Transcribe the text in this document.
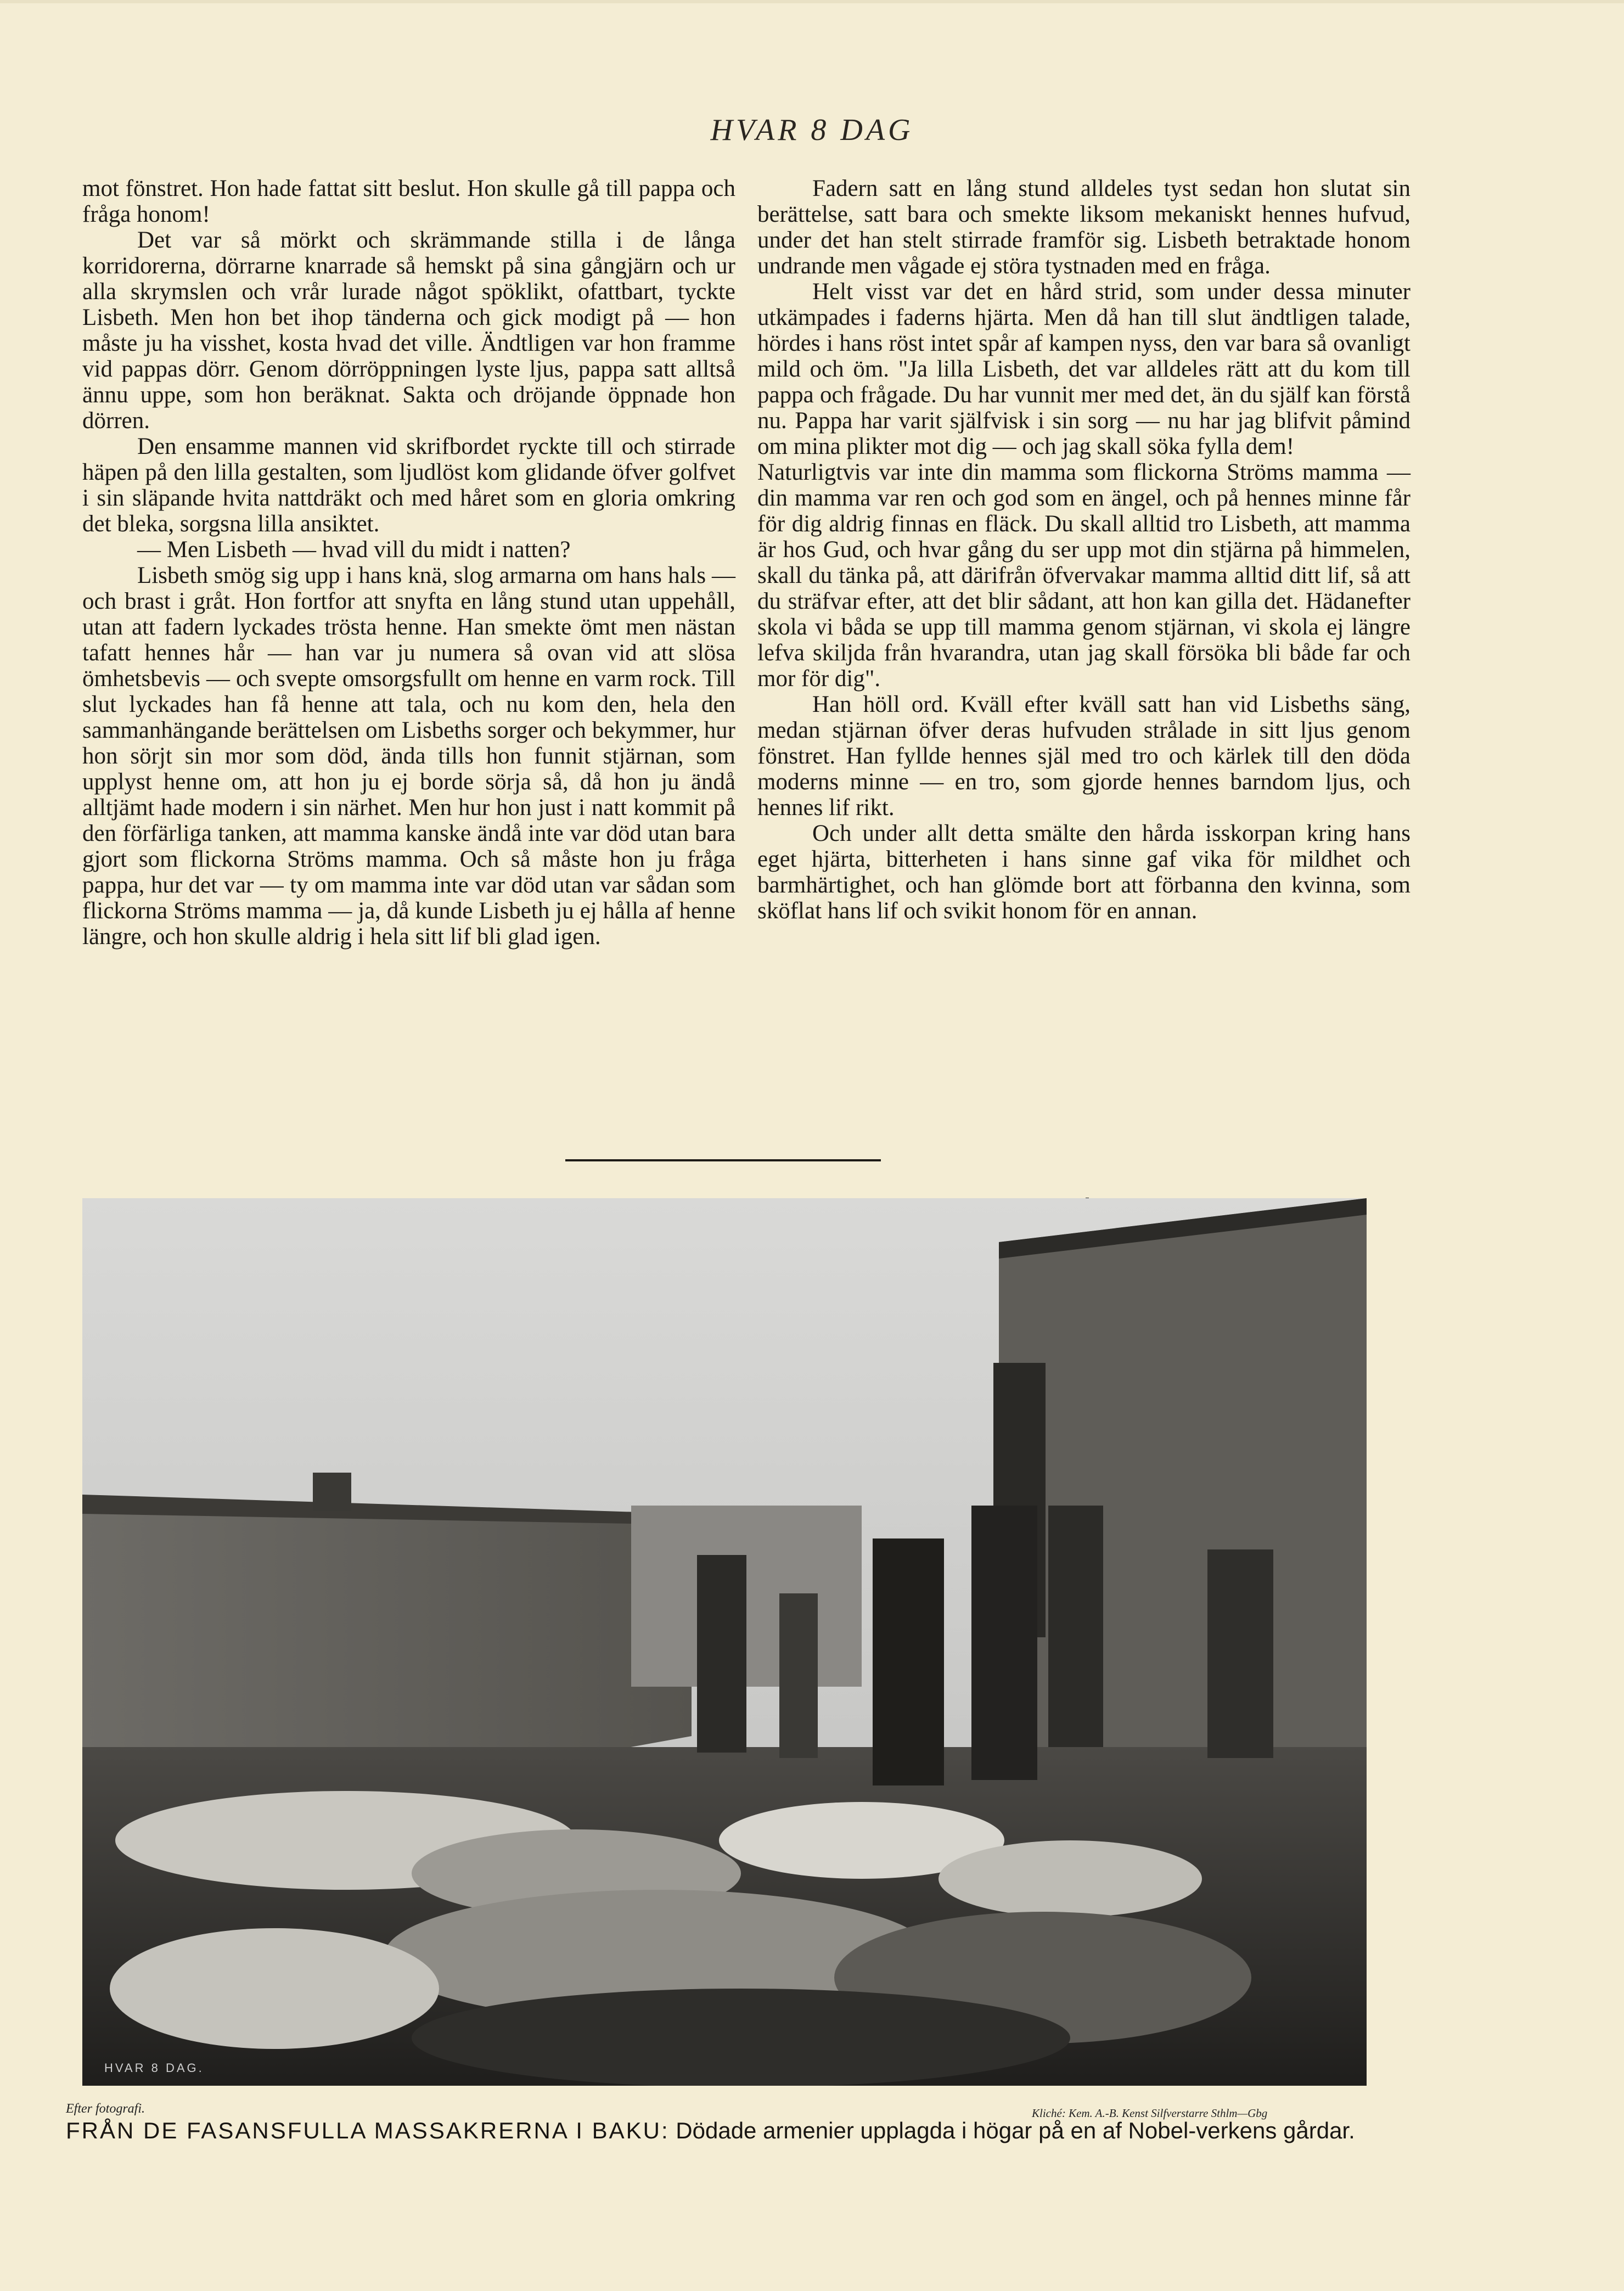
HVAR 8 DAG

mot fönstret. Hon hade fattat sitt beslut. Hon skulle gå till pappa och fråga honom!

Det var så mörkt och skrämmande stilla i de långa korridorerna, dörrarne knarrade så hemskt på sina gångjärn och ur alla skrymslen och vrår lurade något spöklikt, ofattbart, tyckte Lisbeth. Men hon bet ihop tänderna och gick modigt på — hon måste ju ha visshet, kosta hvad det ville. Ändtligen var hon framme vid pappas dörr. Genom dörröppningen lyste ljus, pappa satt alltså ännu uppe, som hon beräknat. Sakta och dröjande öppnade hon dörren.

Den ensamme mannen vid skrifbordet ryckte till och stirrade häpen på den lilla gestalten, som ljudlöst kom glidande öfver golfvet i sin släpande hvita nattdräkt och med håret som en gloria omkring det bleka, sorgsna lilla ansiktet.

— Men Lisbeth — hvad vill du midt i natten?

Lisbeth smög sig upp i hans knä, slog armarna om hans hals — och brast i gråt. Hon fortfor att snyfta en lång stund utan uppehåll, utan att fadern lyckades trösta henne. Han smekte ömt men nästan tafatt hennes hår — han var ju numera så ovan vid att slösa ömhetsbevis — och svepte omsorgsfullt om henne en varm rock. Till slut lyckades han få henne att tala, och nu kom den, hela den sammanhängande berättelsen om Lisbeths sorger och bekymmer, hur hon sörjt sin mor som död, ända tills hon funnit stjärnan, som upplyst henne om, att hon ju ej borde sörja så, då hon ju ändå alltjämt hade modern i sin närhet. Men hur hon just i natt kommit på den förfärliga tanken, att mamma kanske ändå inte var död utan bara gjort som flickorna Ströms mamma. Och så måste hon ju fråga pappa, hur det var — ty om mamma inte var död utan var sådan som flickorna Ströms mamma — ja, då kunde Lisbeth ju ej hålla af henne längre, och hon skulle aldrig i hela sitt lif bli glad igen.

Fadern satt en lång stund alldeles tyst sedan hon slutat sin berättelse, satt bara och smekte liksom mekaniskt hennes hufvud, under det han stelt stirrade framför sig. Lisbeth betraktade honom undrande men vågade ej störa tystnaden med en fråga.

Helt visst var det en hård strid, som under dessa minuter utkämpades i faderns hjärta. Men då han till slut ändtligen talade, hördes i hans röst intet spår af kampen nyss, den var bara så ovanligt mild och öm. "Ja lilla Lisbeth, det var alldeles rätt att du kom till pappa och frågade. Du har vunnit mer med det, än du själf kan förstå nu. Pappa har varit själfvisk i sin sorg — nu har jag blifvit påmind om mina plikter mot dig — och jag skall söka fylla dem!

Naturligtvis var inte din mamma som flickorna Ströms mamma — din mamma var ren och god som en ängel, och på hennes minne får för dig aldrig finnas en fläck. Du skall alltid tro Lisbeth, att mamma är hos Gud, och hvar gång du ser upp mot din stjärna på himmelen, skall du tänka på, att därifrån öfvervakar mamma alltid ditt lif, så att du sträfvar efter, att det blir sådant, att hon kan gilla det. Hädanefter skola vi båda se upp till mamma genom stjärnan, vi skola ej längre lefva skiljda från hvarandra, utan jag skall försöka bli både far och mor för dig".

Han höll ord. Kväll efter kväll satt han vid Lisbeths säng, medan stjärnan öfver deras hufvuden strålade in sitt ljus genom fönstret. Han fyllde hennes själ med tro och kärlek till den döda moderns minne — en tro, som gjorde hennes barndom ljus, och hennes lif rikt.

Och under allt detta smälte den hårda isskorpan kring hans eget hjärta, bitterheten i hans sinne gaf vika för mildhet och barmhärtighet, och han glömde bort att förbanna den kvinna, som sköflat hans lif och svikit honom för en annan.

HVAR 8 DAG.
Efter fotografi.	Kliché: Kem. A.-B. Kenst Silfverstarre Sthlm—Gbg
FRÅN DE FASANSFULLA MASSAKRERNA I BAKU: Dödade armenier upplagda i högar på en af Nobel-verkens gårdar.
